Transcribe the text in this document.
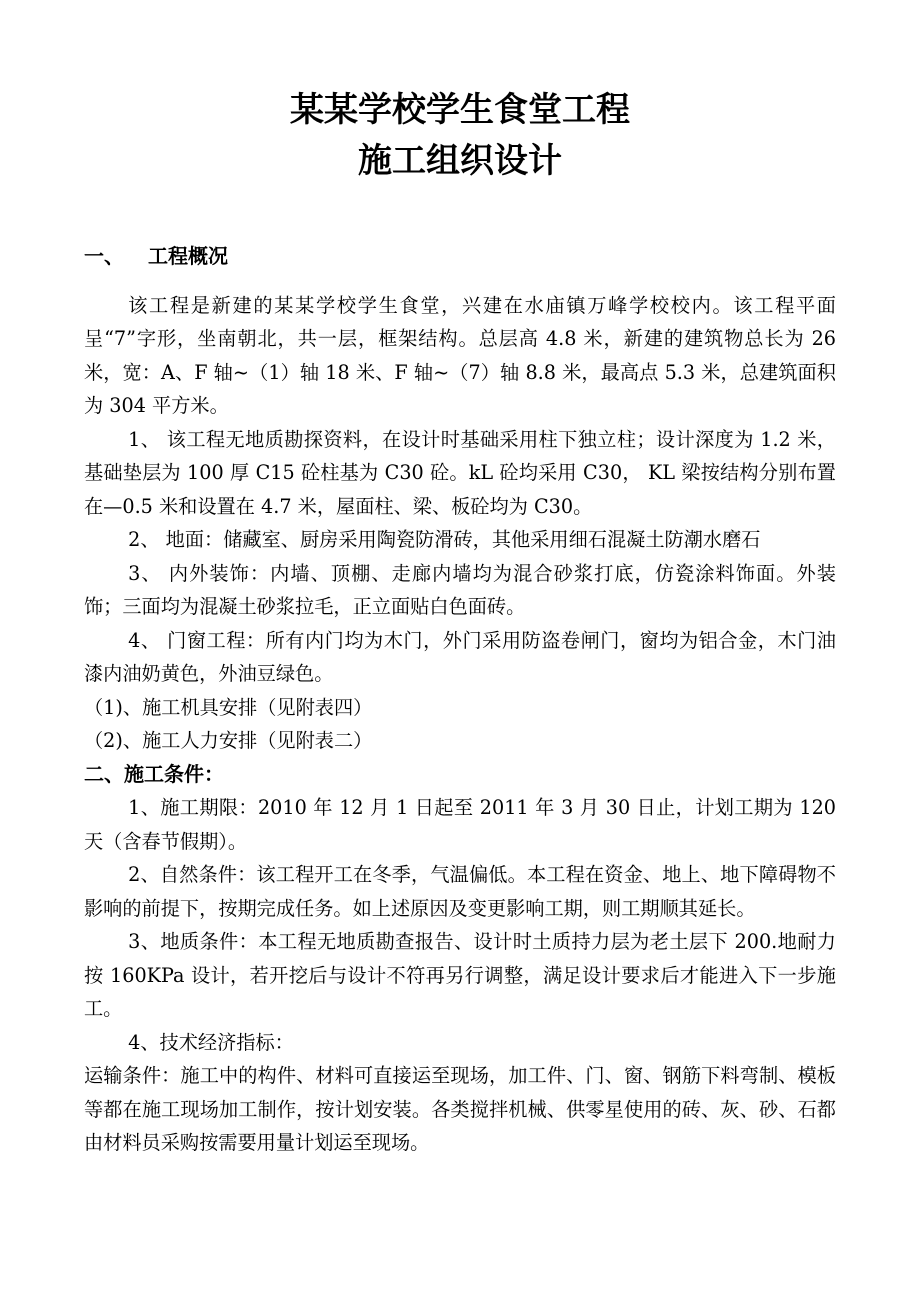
某某学校学生食堂工程
施工组织设计

一、 工程概况

该工程是新建的某某学校学生食堂，兴建在水庙镇万峰学校校内。该工程平面呈“7”字形，坐南朝北，共一层，框架结构。总层高 4.8 米，新建的建筑物总长为 26 米，宽：A、F 轴~（1）轴 18 米、F 轴~（7）轴 8.8 米，最高点 5.3 米，总建筑面积为 304 平方米。

1、 该工程无地质勘探资料，在设计时基础采用柱下独立柱；设计深度为 1.2 米，基础垫层为 100 厚 C15 砼柱基为 C30 砼。kL 砼均采用 C30， KL 梁按结构分别布置在—0.5 米和设置在 4.7 米，屋面柱、梁、板砼均为 C30。

2、 地面：储藏室、厨房采用陶瓷防滑砖，其他采用细石混凝土防潮水磨石

3、 内外装饰：内墙、顶棚、走廊内墙均为混合砂浆打底，仿瓷涂料饰面。外装饰；三面均为混凝土砂浆拉毛，正立面贴白色面砖。

4、 门窗工程：所有内门均为木门，外门采用防盗卷闸门，窗均为铝合金，木门油漆内油奶黄色，外油豆绿色。

（1)、施工机具安排（见附表四）

（2)、施工人力安排（见附表二）

二、施工条件：

1、施工期限：2010 年 12 月 1 日起至 2011 年 3 月 30 日止，计划工期为 120 天（含春节假期）。

2、自然条件：该工程开工在冬季，气温偏低。本工程在资金、地上、地下障碍物不影响的前提下，按期完成任务。如上述原因及变更影响工期，则工期顺其延长。

3、地质条件：本工程无地质勘查报告、设计时土质持力层为老土层下 200.地耐力按 160KPa 设计，若开挖后与设计不符再另行调整，满足设计要求后才能进入下一步施工。

4、技术经济指标：

运输条件：施工中的构件、材料可直接运至现场，加工件、门、窗、钢筋下料弯制、模板等都在施工现场加工制作，按计划安装。各类搅拌机械、供零星使用的砖、灰、砂、石都由材料员采购按需要用量计划运至现场。
